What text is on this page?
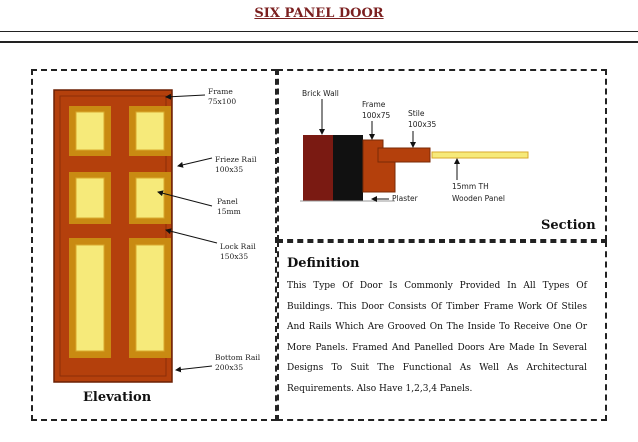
SIX PANEL DOOR
Brick Wall
Frame
100x75 Stile
100x35
Plaster
15mm TH
Wooden Panel
Frame
75x100
Frieze Rail
100x35
Panel
15mm
Lock Rail
150x35
Bottom Rail
200x35
Elevation
Section
Definition
This Type Of Door Is Commonly Provided In All Types Of Buildings. This Door Consists Of Timber Frame Work Of Stiles And Rails Which Are Grooved On The Inside To Receive One Or More Panels. Framed And Panelled Doors Are Made In Several Designs To Suit The Functional As Well As Architectural Requirements. Also Have 1,2,3,4 Panels.
